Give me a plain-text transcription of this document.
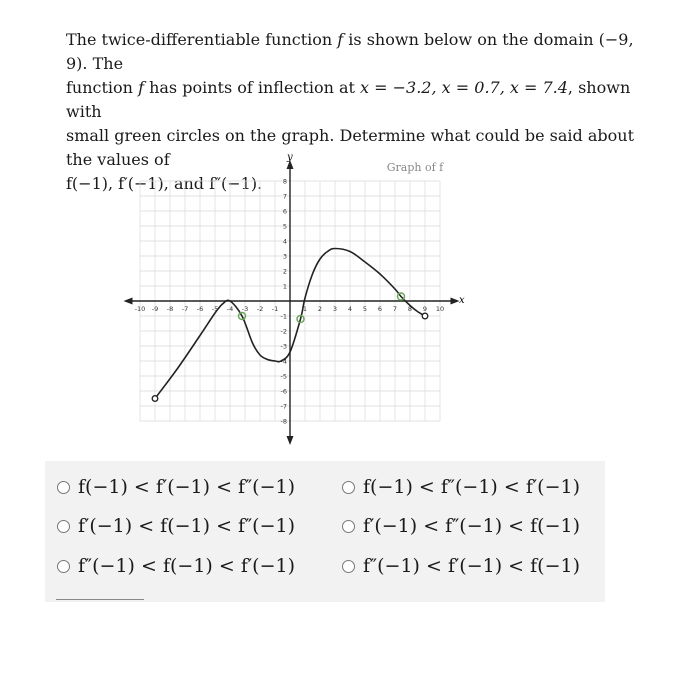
The twice-differentiable function f is shown below on the domain (−9, 9). The

function f has points of inflection at x = −3.2, x = 0.7, x = 7.4, shown with

small green circles on the graph. Determine what could be said about the values of

f(−1), f′(−1), and f″(−1).

-10 -9 -8 -7 -6 -5 -4 -3 -2 -1	1 2 3 4 5 6 7 8 9 10
8
7
6
5
4
3
2
1
-1
-2
-3
-4
-5
-6
-7
-8
Graph of f
x
y
f(−1) < f′(−1) < f″(−1)	f(−1) < f″(−1) < f′(−1)
f′(−1) < f(−1) < f″(−1)	f′(−1) < f″(−1) < f(−1)
f″(−1) < f(−1) < f′(−1)	f″(−1) < f′(−1) < f(−1)
